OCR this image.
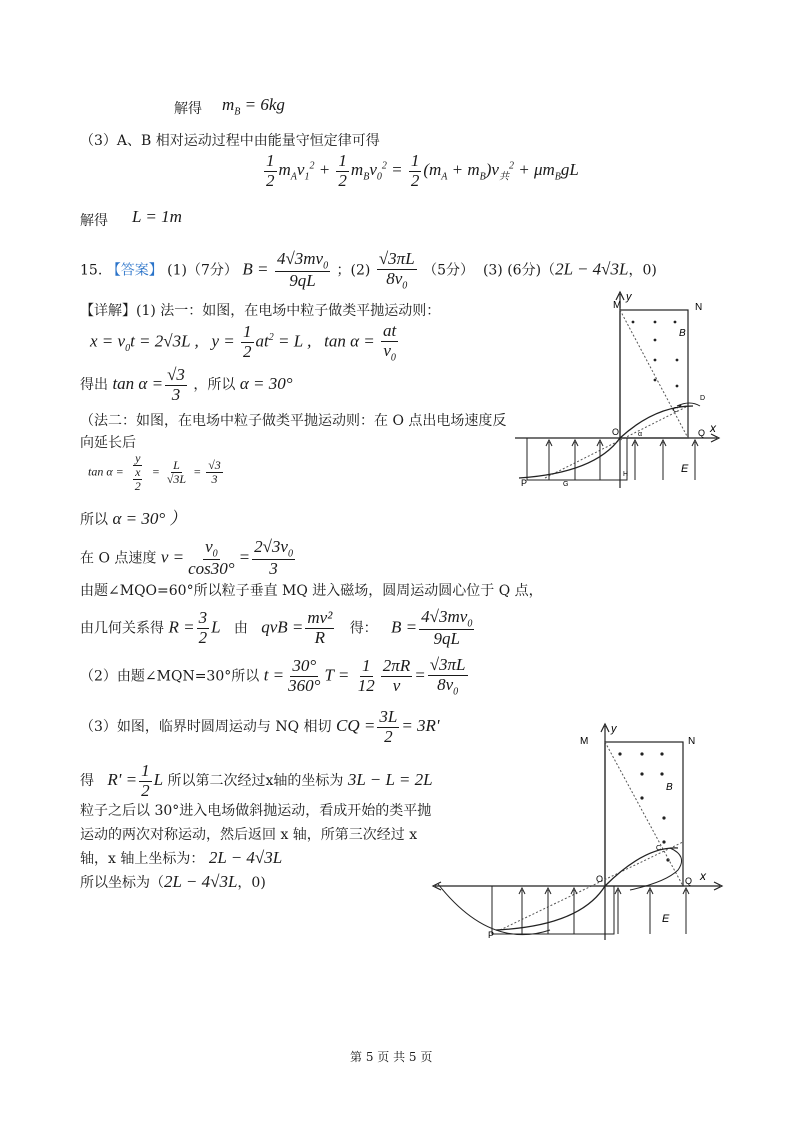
解得 $m_B = 6kg$
（3）A、B 相对运动过程中由能量守恒定律可得
$\frac{1}{2} m_Av_1^2 + \frac{1}{2} m_Bv_0^2 = \frac{1}{2} (m_A + m_B)v_共^2 + \mu m_BgL$
解得 L = 1m
15. 【答案】 (1)（7分） $B = \frac{4√3mv_0}{9qL}$ ；$(2) \frac{√3\pi L}{8v_0} (5$分） (3) (6分)（2L − 4√3L，0)
【详解】(1) 法一：如图，在电场中粒子做类平抛运动则：
$x = v_0t = 2√3L$ ,   $y = \frac{1}{2} at^2 = L$ ,   $\tan \alpha = \frac{at}{v_0}$
得出 $\tan \alpha = \frac{√3}{3}$ ，所以 α = 30°
（法二：如图，在电场中粒子做类平抛运动则：在 O 点出电场速度反
向延长后
$\tan \alpha = \frac{y}{\frac{x}{2}} = \frac{L}{√3L} = \frac{√3}{3}$
所以 α = 30° ）
在 O 点速度 $v = \frac{v_0}{\cos 30^\circ} = \frac{2√3v_0}{3}$
由题∠MQO=60°所以粒子垂直 MQ 进入磁场，圆周运动圆心位于 Q 点，
由几何关系得 $R = \frac{3}{2}$ L 由 qvB = $\frac{\text{mv²}}{R}$ 得： $B = \frac{4√3mv_0}{9qL}$
（2）由题∠MQN=30°所以 $t = \frac{30^\circ}{360^\circ}$ $T = \frac{1}{12} \frac{2\pi R}{v} = \frac{√3\pi L}{8v_0}$
（3）如图，临界时圆周运动与 NQ 相切 CQ = $\frac{3L}{2} = 3R'$
得 $R' = \frac{1}{2}$ L 所以第二次经过x轴的坐标为 3L − L = 2L
粒子之后以 30°进入电场做斜抛运动，看成开始的类平抛
运动的两次对称运动，然后返回 x 轴，所第三次经过 x
轴，x 轴上坐标为： 2L − 4√3L
所以坐标为（2L − 4√3L，0)
第 5 页 共 5 页
M	N
y
x
B
O	Q
C
D
E
P	G
H
α
M	N
y
x
B
O	Q
C
E
P
